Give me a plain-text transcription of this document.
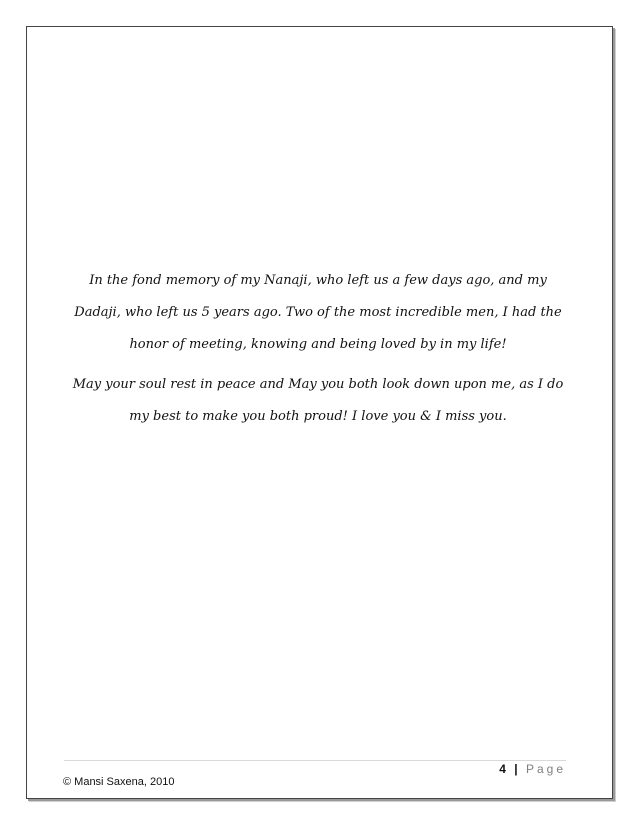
In the fond memory of my Nanaji, who left us a few days ago, and my
Dadaji, who left us 5 years ago. Two of the most incredible men, I had the
honor of meeting, knowing and being loved by in my life!

May your soul rest in peace and May you both look down upon me, as I do
my best to make you both proud! I love you & I miss you.

4 | Page
© Mansi Saxena, 2010
